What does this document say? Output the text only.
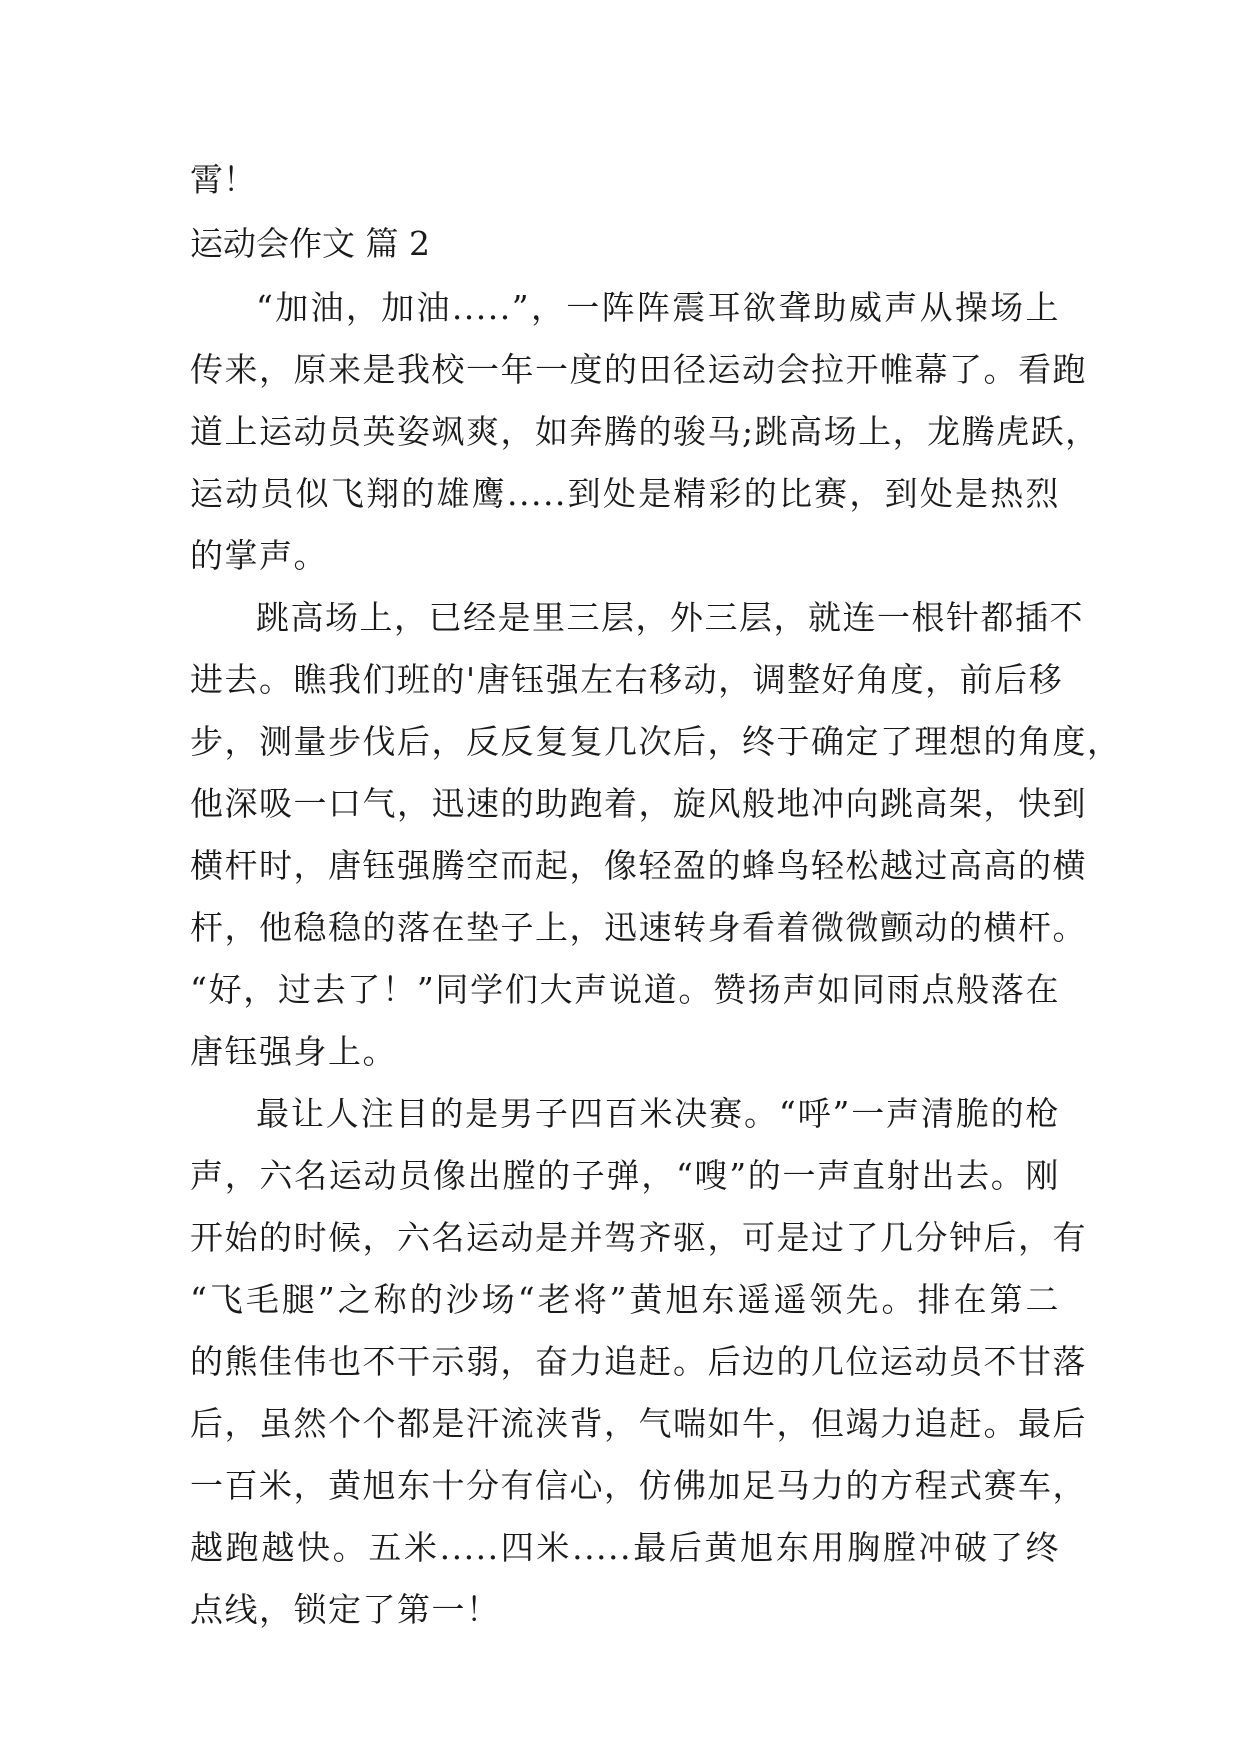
霄！
运动会作文 篇 2
“加油，加油.....”，一阵阵震耳欲聋助威声从操场上
传来，原来是我校一年一度的田径运动会拉开帷幕了。看跑
道上运动员英姿飒爽，如奔腾的骏马;跳高场上，龙腾虎跃，
运动员似飞翔的雄鹰.....到处是精彩的比赛，到处是热烈
的掌声。
跳高场上，已经是里三层，外三层，就连一根针都插不
进去。瞧我们班的'唐钰强左右移动，调整好角度，前后移
步，测量步伐后，反反复复几次后，终于确定了理想的角度，
他深吸一口气，迅速的助跑着，旋风般地冲向跳高架，快到
横杆时，唐钰强腾空而起，像轻盈的蜂鸟轻松越过高高的横
杆，他稳稳的落在垫子上，迅速转身看着微微颤动的横杆。
“好，过去了！”同学们大声说道。赞扬声如同雨点般落在
唐钰强身上。
最让人注目的是男子四百米决赛。“呼”一声清脆的枪
声，六名运动员像出膛的子弹，“嗖”的一声直射出去。刚
开始的时候，六名运动是并驾齐驱，可是过了几分钟后，有
“飞毛腿”之称的沙场“老将”黄旭东遥遥领先。排在第二
的熊佳伟也不干示弱，奋力追赶。后边的几位运动员不甘落
后，虽然个个都是汗流浃背，气喘如牛，但竭力追赶。最后
一百米，黄旭东十分有信心，仿佛加足马力的方程式赛车，
越跑越快。五米.....四米.....最后黄旭东用胸膛冲破了终
点线，锁定了第一！
